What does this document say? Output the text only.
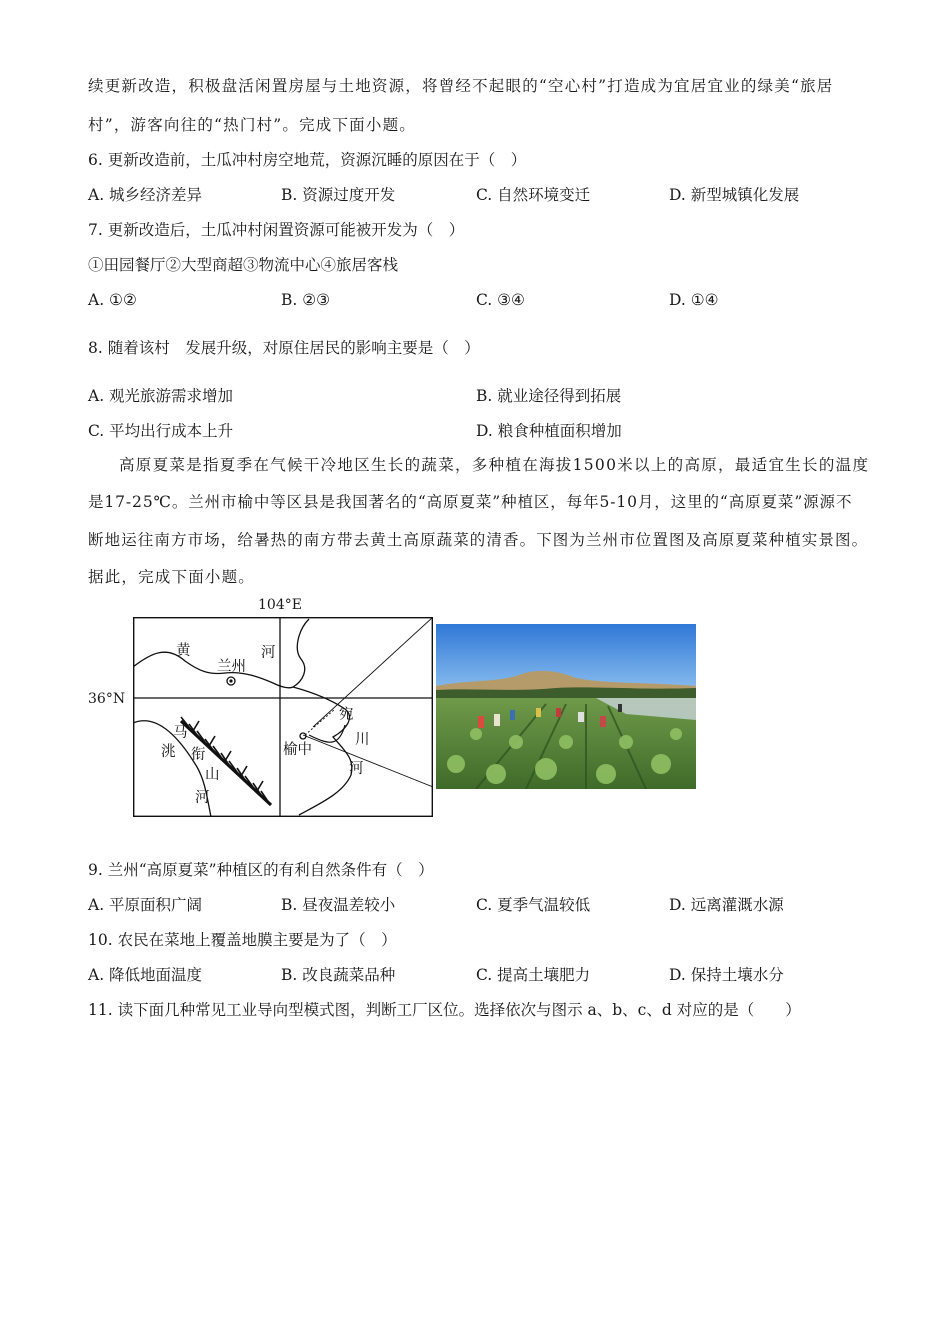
续更新改造，积极盘活闲置房屋与土地资源，将曾经不起眼的“空心村”打造成为宜居宜业的绿美“旅居
村”，游客向往的“热门村”。完成下面小题。
6. 更新改造前，土瓜冲村房空地荒，资源沉睡的原因在于（　）
A. 城乡经济差异	B. 资源过度开发	C. 自然环境变迁	D. 新型城镇化发展
7. 更新改造后，土瓜冲村闲置资源可能被开发为（　）
①田园餐厅②大型商超③物流中心④旅居客栈
A. ①②	B. ②③	C. ③④	D. ①④
8. 随着该村　发展升级，对原住居民的影响主要是（　）
A. 观光旅游需求增加	B. 就业途径得到拓展
C. 平均出行成本上升	D. 粮食种植面积增加
高原夏菜是指夏季在气候干冷地区生长的蔬菜，多种植在海拔1500米以上的高原，最适宜生长的温度
是17-25℃。兰州市榆中等区县是我国著名的“高原夏菜”种植区，每年5-10月，这里的“高原夏菜”源源不
断地运往南方市场，给暑热的南方带去黄土高原蔬菜的清香。下图为兰州市位置图及高原夏菜种植实景图。
据此，完成下面小题。
104°E
36°N
黄	河
兰州
马
洮 衔
山
河
宛
川
河
榆中
9. 兰州“高原夏菜”种植区的有利自然条件有（　）
A. 平原面积广阔	B. 昼夜温差较小	C. 夏季气温较低	D. 远离灌溉水源
10. 农民在菜地上覆盖地膜主要是为了（　）
A. 降低地面温度	B. 改良蔬菜品种	C. 提高土壤肥力	D. 保持土壤水分
11. 读下面几种常见工业导向型模式图，判断工厂区位。选择依次与图示 a、b、c、d 对应的是（　　）
